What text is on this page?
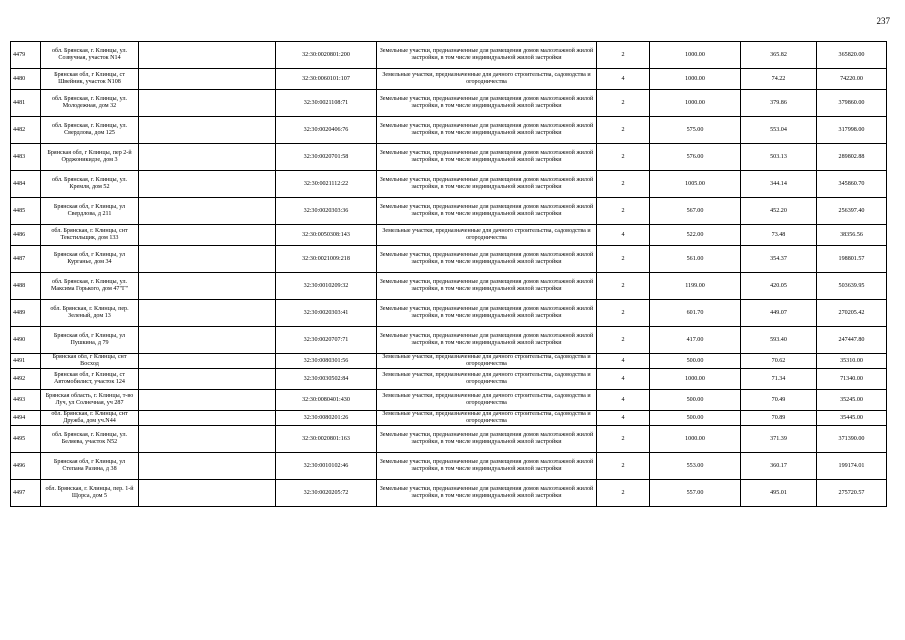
237
4479	обл. Брянская, г. Клинцы, ул. Созвучная, участок N14		32:30:0020801:200	Земельные участки, предназначенные для размещения домов малоэтажной жилой застройки, в том числе индивидуальной жилой застройки	2	1000.00	365.82	365820.00
4480	Брянская обл, г Клинцы, ст Швейник, участок N108		32:30:0060101:107	Земельные участки, предназначенные для дачного строительства, садоводства и огородничества	4	1000.00	74.22	74220.00
4481	обл. Брянская, г. Клинцы, ул. Молодежная, дом 32		32:30:0021108:71	Земельные участки, предназначенные для размещения домов малоэтажной жилой застройки, в том числе индивидуальной жилой застройки	2	1000.00	379.86	379860.00
4482	обл. Брянская, г. Клинцы, ул. Свердлова, дом 125		32:30:0020406:76	Земельные участки, предназначенные для размещения домов малоэтажной жилой застройки, в том числе индивидуальной жилой застройки	2	575.00	553.04	317998.00
4483	Брянская обл, г Клинцы, пер 2-й Орджоникидзе, дом 3		32:30:0020701:58	Земельные участки, предназначенные для размещения домов малоэтажной жилой застройки, в том числе индивидуальной жилой застройки	2	576.00	503.13	289802.88
4484	обл. Брянская, г. Клинцы, ул. Кремля, дом 52		32:30:0021112:22	Земельные участки, предназначенные для размещения домов малоэтажной жилой застройки, в том числе индивидуальной жилой застройки	2	1005.00	344.14	345860.70
4485	Брянская обл, г Клинцы, ул Свердлова, д 211		32:30:0020303:36	Земельные участки, предназначенные для размещения домов малоэтажной жилой застройки, в том числе индивидуальной жилой застройки	2	567.00	452.20	256397.40
4486	обл. Брянская, г. Клинцы, снт Текстильщик, дом 133		32:30:0050308:143	Земельные участки, предназначенные для дачного строительства, садоводства и огородничества	4	522.00	73.48	38356.56
4487	Брянская обл, г Клинцы, ул Курганье, дом 34		32:30:0021009:218	Земельные участки, предназначенные для размещения домов малоэтажной жилой застройки, в том числе индивидуальной жилой застройки	2	561.00	354.37	198801.57
4488	обл. Брянская, г. Клинцы, ул. Максима Горького, дом 47"Г"		32:30:0010209:32	Земельные участки, предназначенные для размещения домов малоэтажной жилой застройки, в том числе индивидуальной жилой застройки	2	1199.00	420.05	503639.95
4489	обл. Брянская, г. Клинцы, пер. Зеленый, дом 13		32:30:0020303:41	Земельные участки, предназначенные для размещения домов малоэтажной жилой застройки, в том числе индивидуальной жилой застройки	2	601.70	449.07	270205.42
4490	Брянская обл, г Клинцы, ул Пушкина, д 79		32:30:0020707:71	Земельные участки, предназначенные для размещения домов малоэтажной жилой застройки, в том числе индивидуальной жилой застройки	2	417.00	593.40	247447.80
4491	Брянская обл, г Клинцы, снт Восход		32:30:0080301:56	Земельные участки, предназначенные для дачного строительства, садоводства и огородничества	4	500.00	70.62	35310.00
4492	Брянская обл, г Клинцы, ст Автомобилист, участок 124		32:30:0030502:84	Земельные участки, предназначенные для дачного строительства, садоводства и огородничества	4	1000.00	71.34	71340.00
4493	Брянская область, г. Клинцы, т-во Луч, ул Солнечная, уч 287		32:30:0080401:430	Земельные участки, предназначенные для дачного строительства, садоводства и огородничества	4	500.00	70.49	35245.00
4494	обл. Брянская, г. Клинцы, снт Дружба, дом уч.N44		32:30:0080201:26	Земельные участки, предназначенные для дачного строительства, садоводства и огородничества	4	500.00	70.89	35445.00
4495	обл. Брянская, г. Клинцы, ул. Беляева, участок N52		32:30:0020801:163	Земельные участки, предназначенные для размещения домов малоэтажной жилой застройки, в том числе индивидуальной жилой застройки	2	1000.00	371.39	371390.00
4496	Брянская обл, г Клинцы, ул Степана Разина, д 38		32:30:0010102:46	Земельные участки, предназначенные для размещения домов малоэтажной жилой застройки, в том числе индивидуальной жилой застройки	2	553.00	360.17	199174.01
4497	обл. Брянская, г. Клинцы, пер. 1-й Щорса, дом 5		32:30:0020205:72	Земельные участки, предназначенные для размещения домов малоэтажной жилой застройки, в том числе индивидуальной жилой застройки	2	557.00	495.01	275720.57
